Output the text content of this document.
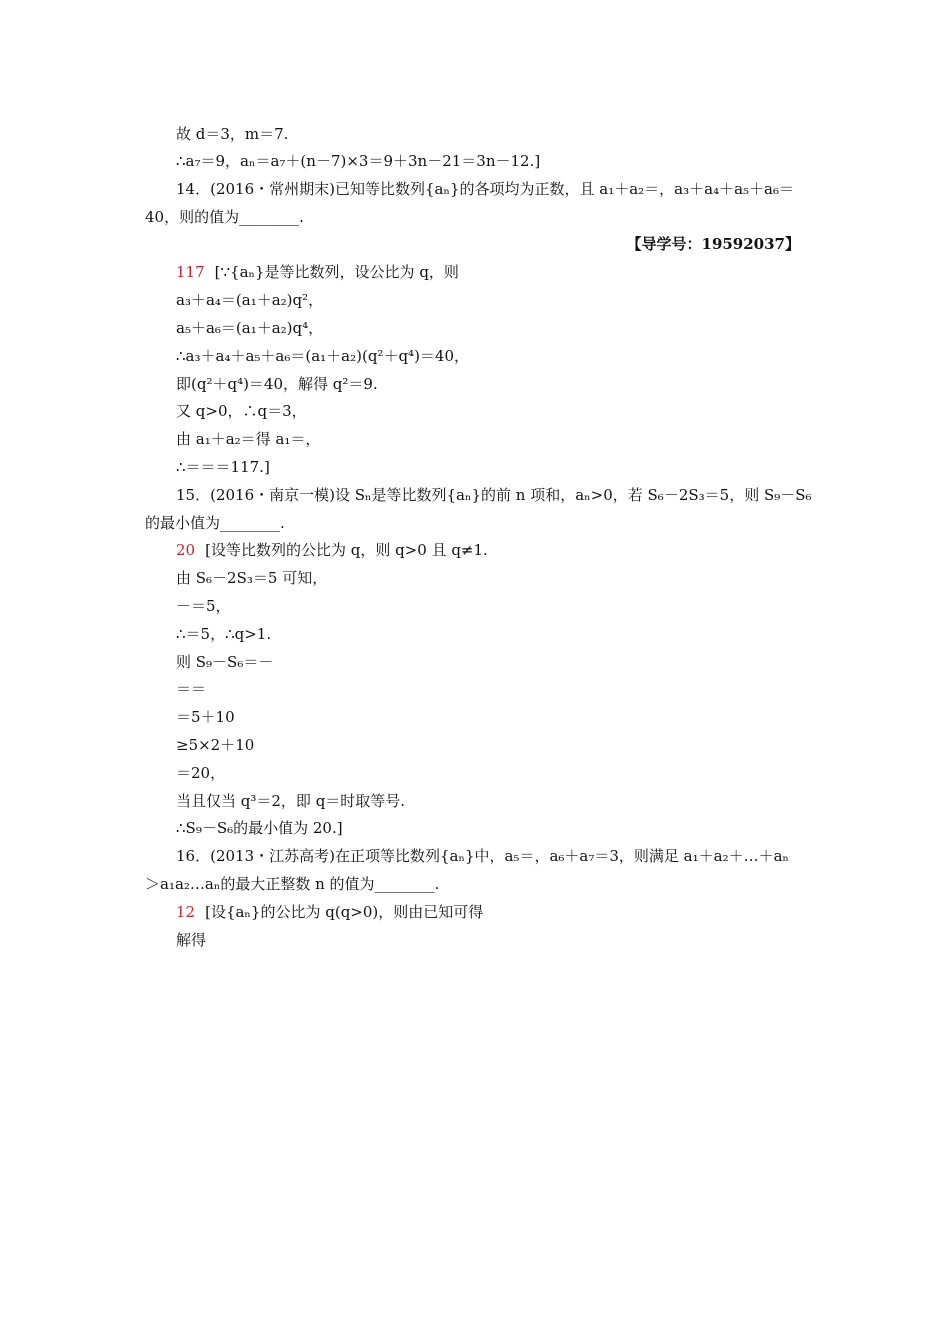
故 d＝3，m＝7.
∴a₇＝9，aₙ＝a₇＋(n－7)×3＝9＋3n－21＝3n－12.]
14．(2016・常州期末)已知等比数列{aₙ}的各项均为正数，且 a₁＋a₂＝，a₃＋a₄＋a₅＋a₆＝
40，则的值为________.
【导学号：19592037】
117 [∵{aₙ}是等比数列，设公比为 q，则
a₃＋a₄＝(a₁＋a₂)q²，
a₅＋a₆＝(a₁＋a₂)q⁴，
∴a₃＋a₄＋a₅＋a₆＝(a₁＋a₂)(q²＋q⁴)＝40，
即(q²＋q⁴)＝40，解得 q²＝9.
又 q>0，∴q＝3，
由 a₁＋a₂＝得 a₁＝，
∴＝＝＝117.]
15．(2016・南京一模)设 Sₙ是等比数列{aₙ}的前 n 项和，aₙ>0，若 S₆－2S₃＝5，则 S₉－S₆
的最小值为________.
20 [设等比数列的公比为 q，则 q>0 且 q≠1.
由 S₆－2S₃＝5 可知，
－＝5，
∴＝5，∴q>1.
则 S₉－S₆＝－
＝＝
＝5＋10
≥5×2＋10
＝20，
当且仅当 q³＝2，即 q＝时取等号.
∴S₉－S₆的最小值为 20.]
16．(2013・江苏高考)在正项等比数列{aₙ}中，a₅＝，a₆＋a₇＝3，则满足 a₁＋a₂＋…＋aₙ
＞a₁a₂…aₙ的最大正整数 n 的值为________.
12 [设{aₙ}的公比为 q(q>0)，则由已知可得
解得
